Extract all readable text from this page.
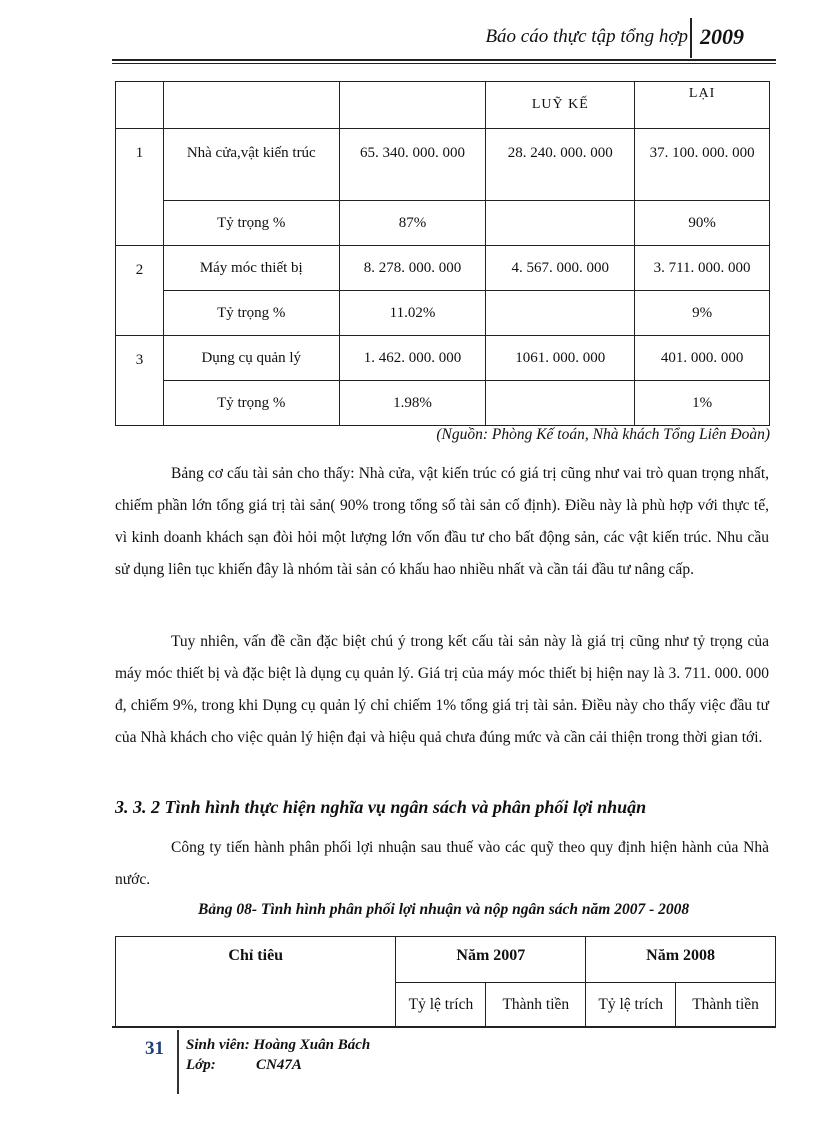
Báo cáo thực tập tổng hợp 2009
			LUỸ KẾ	LẠI
1	Nhà cửa,vật kiến trúc	65. 340. 000. 000	28. 240. 000. 000	37. 100. 000. 000
	Tỷ trọng %	87%		90%
2	Máy móc thiết bị	8. 278. 000. 000	4. 567. 000. 000	3. 711. 000. 000
	Tỷ trọng %	11.02%		9%
3	Dụng cụ quản lý	1. 462. 000. 000	1061. 000. 000	401. 000. 000
	Tỷ trọng %	1.98%		1%
(Nguồn: Phòng Kế toán, Nhà khách Tổng Liên Đoàn)
Bảng cơ cấu tài sản cho thấy: Nhà cửa, vật kiến trúc có giá trị cũng như vai trò quan trọng nhất, chiếm phần lớn tổng giá trị tài sản( 90% trong tổng số tài sản cố định). Điều này là phù hợp với thực tế, vì kinh doanh khách sạn đòi hỏi một lượng lớn vốn đầu tư cho bất động sản, các vật kiến trúc. Nhu cầu sử dụng liên tục khiến đây là nhóm tài sản có khấu hao nhiều nhất và cần tái đầu tư nâng cấp.
Tuy nhiên, vấn đề cần đặc biệt chú ý trong kết cấu tài sản này là giá trị cũng như tỷ trọng của máy móc thiết bị và đặc biệt là dụng cụ quản lý. Giá trị của máy móc thiết bị hiện nay là 3. 711. 000. 000 đ, chiếm 9%, trong khi Dụng cụ quản lý chỉ chiếm 1% tổng giá trị tài sản. Điều này cho thấy việc đầu tư của Nhà khách cho việc quản lý hiện đại và hiệu quả chưa đúng mức và cần cải thiện trong thời gian tới.
3. 3. 2 Tình hình thực hiện nghĩa vụ ngân sách và phân phối lợi nhuận
Công ty tiến hành phân phối lợi nhuận sau thuế vào các quỹ theo quy định hiện hành của Nhà nước.
Bảng 08- Tình hình phân phối lợi nhuận và nộp ngân sách năm 2007 - 2008
Chỉ tiêu	Năm 2007		Năm 2008	
	Tỷ lệ trích	Thành tiền	Tỷ lệ trích	Thành tiền
31 Sinh viên: Hoàng Xuân Bách
Lớp:	CN47A
